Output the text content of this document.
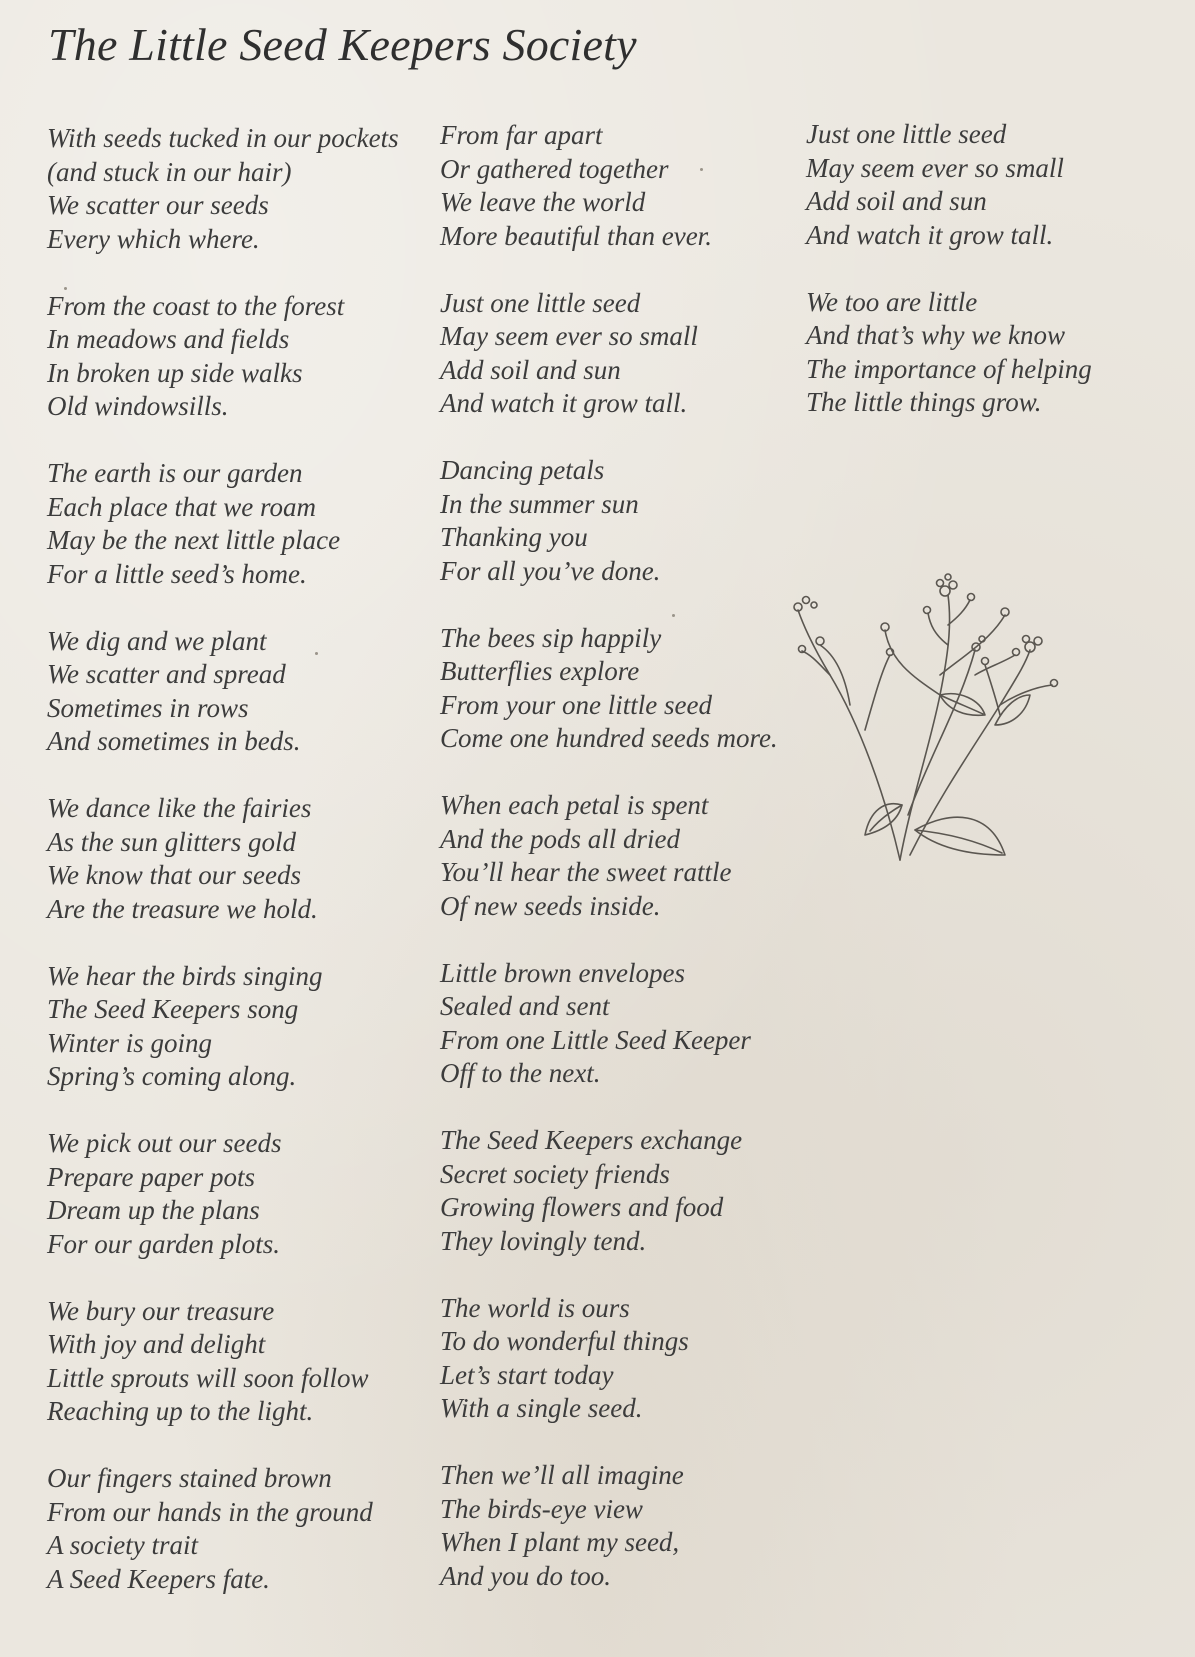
The Little Seed Keepers Society
With seeds tucked in our pockets
(and stuck in our hair)
We scatter our seeds
Every which where.
From the coast to the forest
In meadows and fields
In broken up side walks
Old windowsills.
The earth is our garden
Each place that we roam
May be the next little place
For a little seed’s home.
We dig and we plant
We scatter and spread
Sometimes in rows
And sometimes in beds.
We dance like the fairies
As the sun glitters gold
We know that our seeds
Are the treasure we hold.
We hear the birds singing
The Seed Keepers song
Winter is going
Spring’s coming along.
We pick out our seeds
Prepare paper pots
Dream up the plans
For our garden plots.
We bury our treasure
With joy and delight
Little sprouts will soon follow
Reaching up to the light.
Our fingers stained brown
From our hands in the ground
A society trait
A Seed Keepers fate.
From far apart
Or gathered together
We leave the world
More beautiful than ever.
Just one little seed
May seem ever so small
Add soil and sun
And watch it grow tall.
Dancing petals
In the summer sun
Thanking you
For all you’ve done.
The bees sip happily
Butterflies explore
From your one little seed
Come one hundred seeds more.
When each petal is spent
And the pods all dried
You’ll hear the sweet rattle
Of new seeds inside.
Little brown envelopes
Sealed and sent
From one Little Seed Keeper
Off to the next.
The Seed Keepers exchange
Secret society friends
Growing flowers and food
They lovingly tend.
The world is ours
To do wonderful things
Let’s start today
With a single seed.
Then we’ll all imagine
The birds-eye view
When I plant my seed,
And you do too.
Just one little seed
May seem ever so small
Add soil and sun
And watch it grow tall.
We too are little
And that’s why we know
The importance of helping
The little things grow.
